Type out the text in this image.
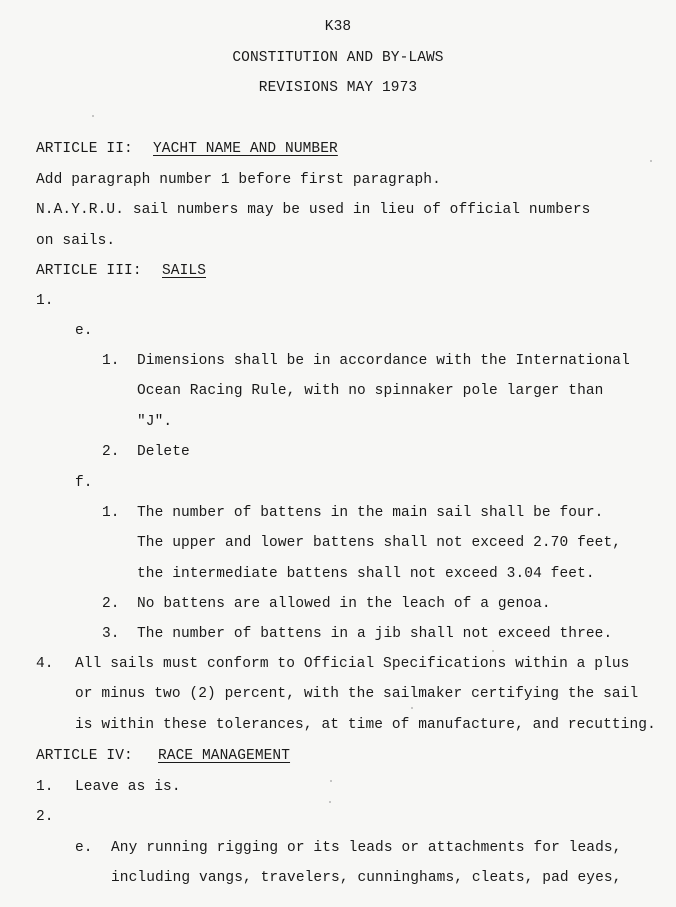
K38
CONSTITUTION AND BY-LAWS
REVISIONS MAY 1973
ARTICLE II: YACHT NAME AND NUMBER
Add paragraph number 1 before first paragraph.
N.A.Y.R.U. sail numbers may be used in lieu of official numbers
on sails.
ARTICLE III: SAILS
1.
e.
1. Dimensions shall be in accordance with the International
Ocean Racing Rule, with no spinnaker pole larger than
"J".
2. Delete
f.
1. The number of battens in the main sail shall be four.
The upper and lower battens shall not exceed 2.70 feet,
the intermediate battens shall not exceed 3.04 feet.
2. No battens are allowed in the leach of a genoa.
3. The number of battens in a jib shall not exceed three.
4. All sails must conform to Official Specifications within a plus
or minus two (2) percent, with the sailmaker certifying the sail
is within these tolerances, at time of manufacture, and recutting.
ARTICLE IV: RACE MANAGEMENT
1. Leave as is.
2.
e. Any running rigging or its leads or attachments for leads,
including vangs, travelers, cunninghams, cleats, pad eyes,
